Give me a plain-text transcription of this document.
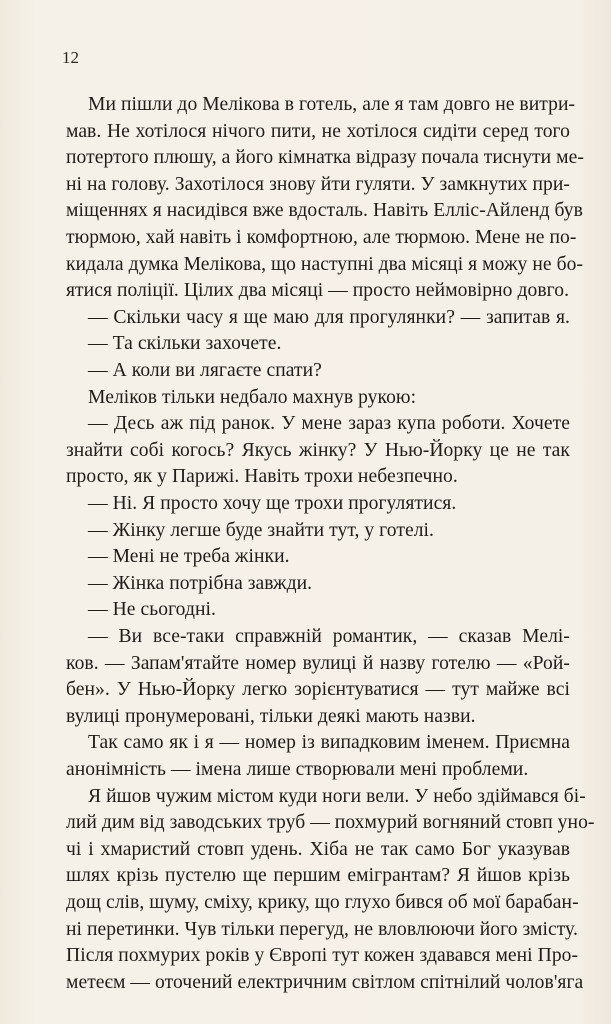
12
Ми пішли до Мелікова в готель, але я там довго не витри-
мав. Не хотілося нічого пити, не хотілося сидіти серед того
потертого плюшу, а його кімнатка відразу почала тиснути ме-
ні на голову. Захотілося знову йти гуляти. У замкнутих при-
міщеннях я насидівся вже вдосталь. Навіть Елліс-Айленд був
тюрмою, хай навіть і комфортною, але тюрмою. Мене не по-
кидала думка Мелікова, що наступні два місяці я можу не бо-
ятися поліції. Цілих два місяці — просто неймовірно довго.
— Скільки часу я ще маю для прогулянки? — запитав я.
— Та скільки захочете.
— А коли ви лягаєте спати?
Меліков тільки недбало махнув рукою:
— Десь аж під ранок. У мене зараз купа роботи. Хочете
знайти собі когось? Якусь жінку? У Нью-Йорку це не так
просто, як у Парижі. Навіть трохи небезпечно.
— Ні. Я просто хочу ще трохи прогулятися.
— Жінку легше буде знайти тут, у готелі.
— Мені не треба жінки.
— Жінка потрібна завжди.
— Не сьогодні.
— Ви все-таки справжній романтик, — сказав Мелі-
ков. — Запам'ятайте номер вулиці й назву готелю — «Рой-
бен». У Нью-Йорку легко зорієнтуватися — тут майже всі
вулиці пронумеровані, тільки деякі мають назви.
Так само як і я — номер із випадковим іменем. Приємна
анонімність — імена лише створювали мені проблеми.
Я йшов чужим містом куди ноги вели. У небо здіймався бі-
лий дим від заводських труб — похмурий вогняний стовп уно-
чі і хмаристий стовп удень. Хіба не так само Бог указував
шлях крізь пустелю ще першим емігрантам? Я йшов крізь
дощ слів, шуму, сміху, крику, що глухо бився об мої барабан-
ні перетинки. Чув тільки перегуд, не вловлюючи його змісту.
Після похмурих років у Європі тут кожен здавався мені Про-
метеєм — оточений електричним світлом спітнілий чолов'яга
